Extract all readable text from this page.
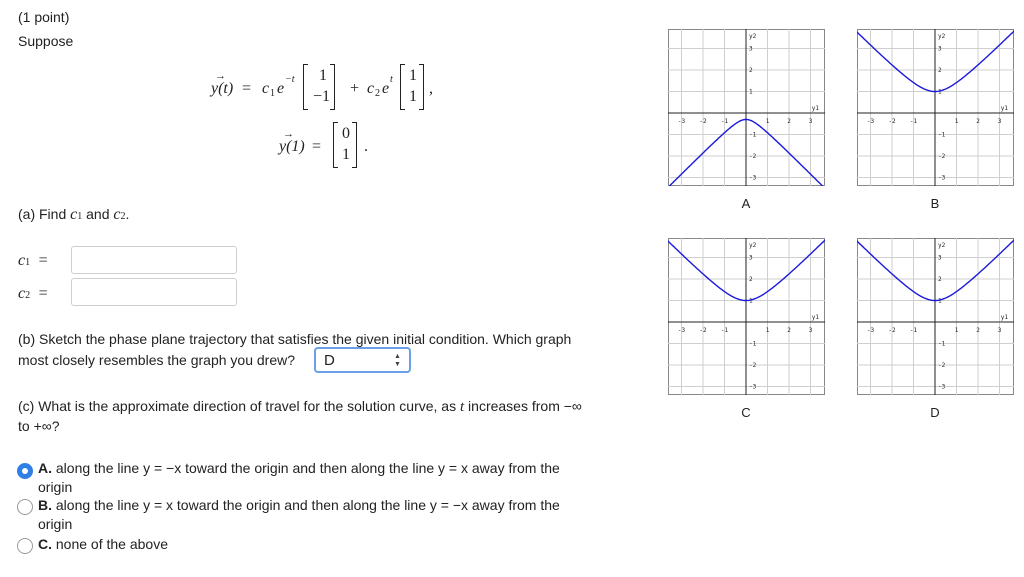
(1 point)
Suppose
→
y(t) = c 1 e
−t 1
−1 + c 2 e
t 1
1 ,
→
y(1) =
0
1 .
(a) Find c1 and c2.
c1 =
c2 =
(b) Sketch the phase plane trajectory that satisfies the given initial condition. Which graph
most closely resembles the graph you drew? D	▲▼
(c) What is the approximate direction of travel for the solution curve, as t increases from −∞
to +∞?
A. along the line y = −x toward the origin and then along the line y = x away from the
origin
B. along the line y = x toward the origin and then along the line y = −x away from the
origin
C. none of the above
-3 -2 -1	1	2	3
3
2
1
-1
-2
-3
y1
y2
-3 -2 -1	1	2	3
3
2
1
-1
-2
-3
y1
y2
-3 -2 -1	1	2	3
3
2
1
-1
-2
-3
y1
y2
-3 -2 -1	1	2	3
3
2
1
-1
-2
-3
y1
y2
A	B
C	D
